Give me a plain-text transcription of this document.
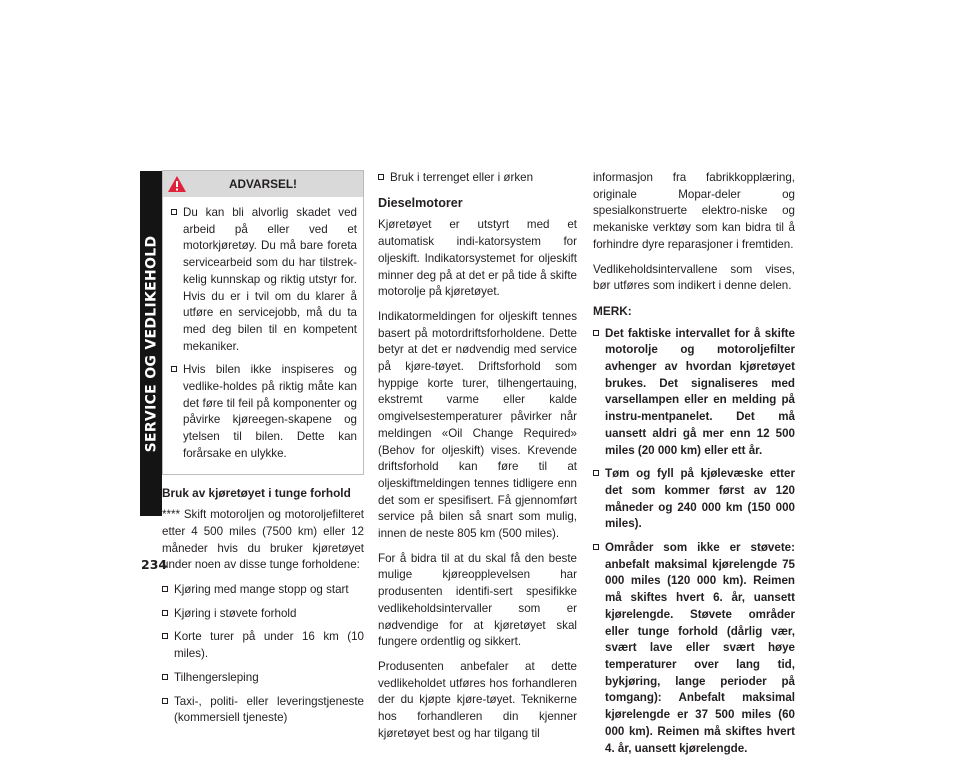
SERVICE OG VEDLIKEHOLD
234
ADVARSEL!
Du kan bli alvorlig skadet ved arbeid på eller ved et motorkjøretøy. Du må bare foreta servicearbeid som du har tilstrek-kelig kunnskap og riktig utstyr for. Hvis du er i tvil om du klarer å utføre en servicejobb, må du ta med deg bilen til en kompetent mekaniker.
Hvis bilen ikke inspiseres og vedlike-holdes på riktig måte kan det føre til feil på komponenter og påvirke kjøreegen-skapene og ytelsen til bilen. Dette kan forårsake en ulykke.
Bruk av kjøretøyet i tunge forhold

**** Skift motoroljen og motoroljefilteret etter 4 500 miles (7500 km) eller 12 måneder hvis du bruker kjøretøyet under noen av disse tunge forholdene:

Kjøring med mange stopp og start
Kjøring i støvete forhold
Korte turer på under 16 km (10 miles).
Tilhengersleping
Taxi-, politi- eller leveringstjeneste (kommersiell tjeneste)
Bruk i terrenget eller i ørken
Dieselmotorer

Kjøretøyet er utstyrt med et automatisk indi-katorsystem for oljeskift. Indikatorsystemet for oljeskift minner deg på at det er på tide å skifte motorolje på kjøretøyet.

Indikatormeldingen for oljeskift tennes basert på motordriftsforholdene. Dette betyr at det er nødvendig med service på kjøre-tøyet. Driftsforhold som hyppige korte turer, tilhengertauing, ekstremt varme eller kalde omgivelsestemperaturer påvirker når meldingen «Oil Change Required» (Behov for oljeskift) vises. Krevende driftsforhold kan føre til at oljeskiftmeldingen tennes tidligere enn det som er spesifisert. Få gjennomført service på bilen så snart som mulig, innen de neste 805 km (500 miles).

For å bidra til at du skal få den beste mulige kjøreopplevelsen har produsenten identifi-sert spesifikke vedlikeholdsintervaller som er nødvendige for at kjøretøyet skal fungere ordentlig og sikkert.

Produsenten anbefaler at dette vedlikeholdet utføres hos forhandleren der du kjøpte kjøre-tøyet. Teknikerne hos forhandleren din kjenner kjøretøyet best og har tilgang til

informasjon fra fabrikkopplæring, originale Mopar-deler og spesialkonstruerte elektro-niske og mekaniske verktøy som kan bidra til å forhindre dyre reparasjoner i fremtiden.

Vedlikeholdsintervallene som vises, bør utføres som indikert i denne delen.

MERK:
Det faktiske intervallet for å skifte motorolje og motoroljefilter avhenger av hvordan kjøretøyet brukes. Det signaliseres med varsellampen eller en melding på instru-mentpanelet. Det må uansett aldri gå mer enn 12 500 miles (20 000 km) eller ett år.
Tøm og fyll på kjølevæske etter det som kommer først av 120 måneder og 240 000 km (150 000 miles).
Områder som ikke er støvete: anbefalt maksimal kjørelengde 75 000 miles (120 000 km). Reimen må skiftes hvert 6. år, uansett kjørelengde. Støvete områder eller tunge forhold (dårlig vær, svært lave eller svært høye temperaturer over lang tid, bykjøring, lange perioder på tomgang): Anbefalt maksimal kjørelengde er 37 500 miles (60 000 km). Reimen må skiftes hvert 4. år, uansett kjørelengde.
